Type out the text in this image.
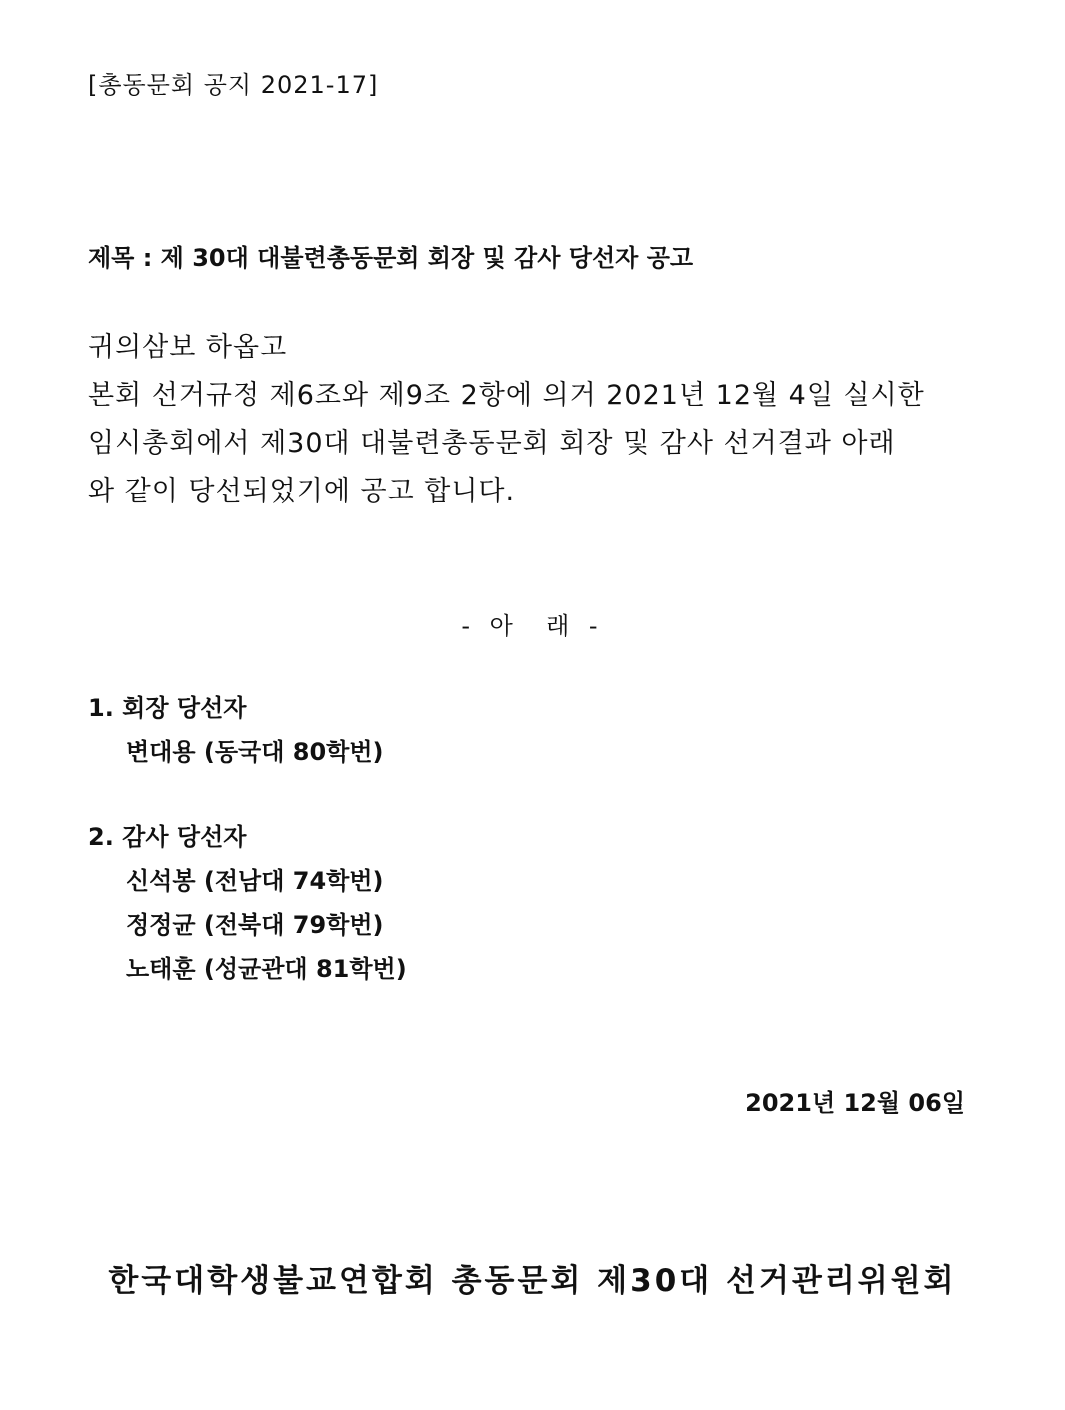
[총동문회 공지 2021-17]
제목 : 제 30대 대불련총동문회 회장 및 감사 당선자 공고
귀의삼보 하옵고
본회 선거규정 제6조와 제9조 2항에 의거 2021년 12월 4일 실시한
임시총회에서 제30대 대불련총동문회 회장 및 감사 선거결과 아래
와 같이 당선되었기에 공고 합니다.
- 아  래 -
1. 회장 당선자
변대용 (동국대 80학번)
2. 감사 당선자
신석봉 (전남대 74학번)
정정균 (전북대 79학번)
노태훈 (성균관대 81학번)
2021년 12월 06일
한국대학생불교연합회 총동문회 제30대 선거관리위원회
